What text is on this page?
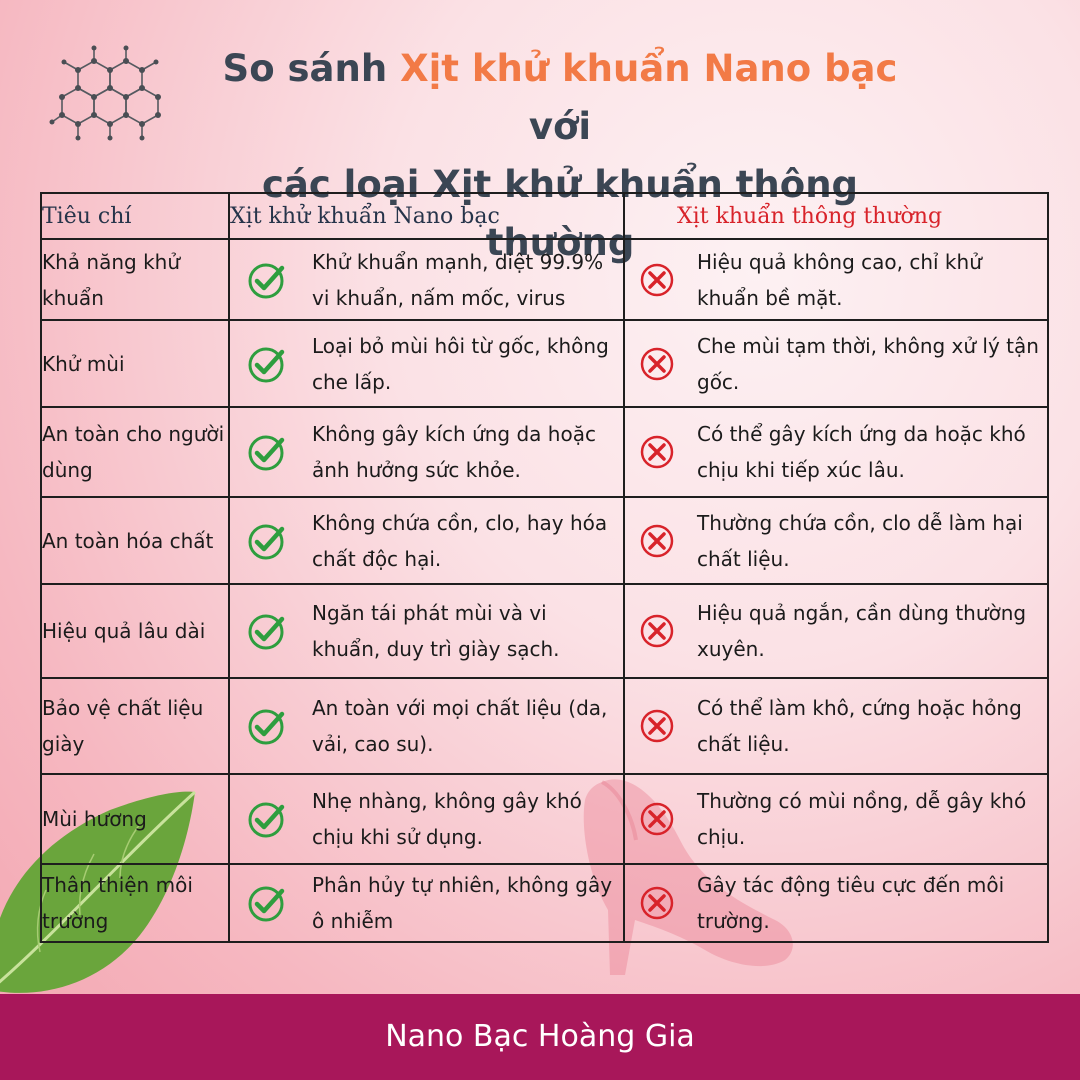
So sánh Xịt khử khuẩn Nano bạc với
các loại Xịt khử khuẩn thông thường
Tiêu chí	Xịt khử khuẩn Nano bạc	Xịt khuẩn thông thường
Khả năng khử khuẩn	Khử khuẩn mạnh, diệt 99.9% vi khuẩn, nấm mốc, virus	Hiệu quả không cao, chỉ khử khuẩn bề mặt.

Khử mùi	Loại bỏ mùi hôi từ gốc, không che lấp.	Che mùi tạm thời, không xử lý tận gốc.

An toàn cho người dùng	Không gây kích ứng da hoặc ảnh hưởng sức khỏe.	Có thể gây kích ứng da hoặc khó chịu khi tiếp xúc lâu.

An toàn hóa chất	Không chứa cồn, clo, hay hóa chất độc hại.	Thường chứa cồn, clo dễ làm hại chất liệu.

Hiệu quả lâu dài	Ngăn tái phát mùi và vi khuẩn, duy trì giày sạch.	Hiệu quả ngắn, cần dùng thường xuyên.

Bảo vệ chất liệu giày	An toàn với mọi chất liệu (da, vải, cao su).	Có thể làm khô, cứng hoặc hỏng chất liệu.

Mùi hương	Nhẹ nhàng, không gây khó chịu khi sử dụng.	Thường có mùi nồng, dễ gây khó chịu.

Thân thiện môi trường	Phân hủy tự nhiên, không gây ô nhiễm	Gây tác động tiêu cực đến môi trường.
Nano Bạc Hoàng Gia
